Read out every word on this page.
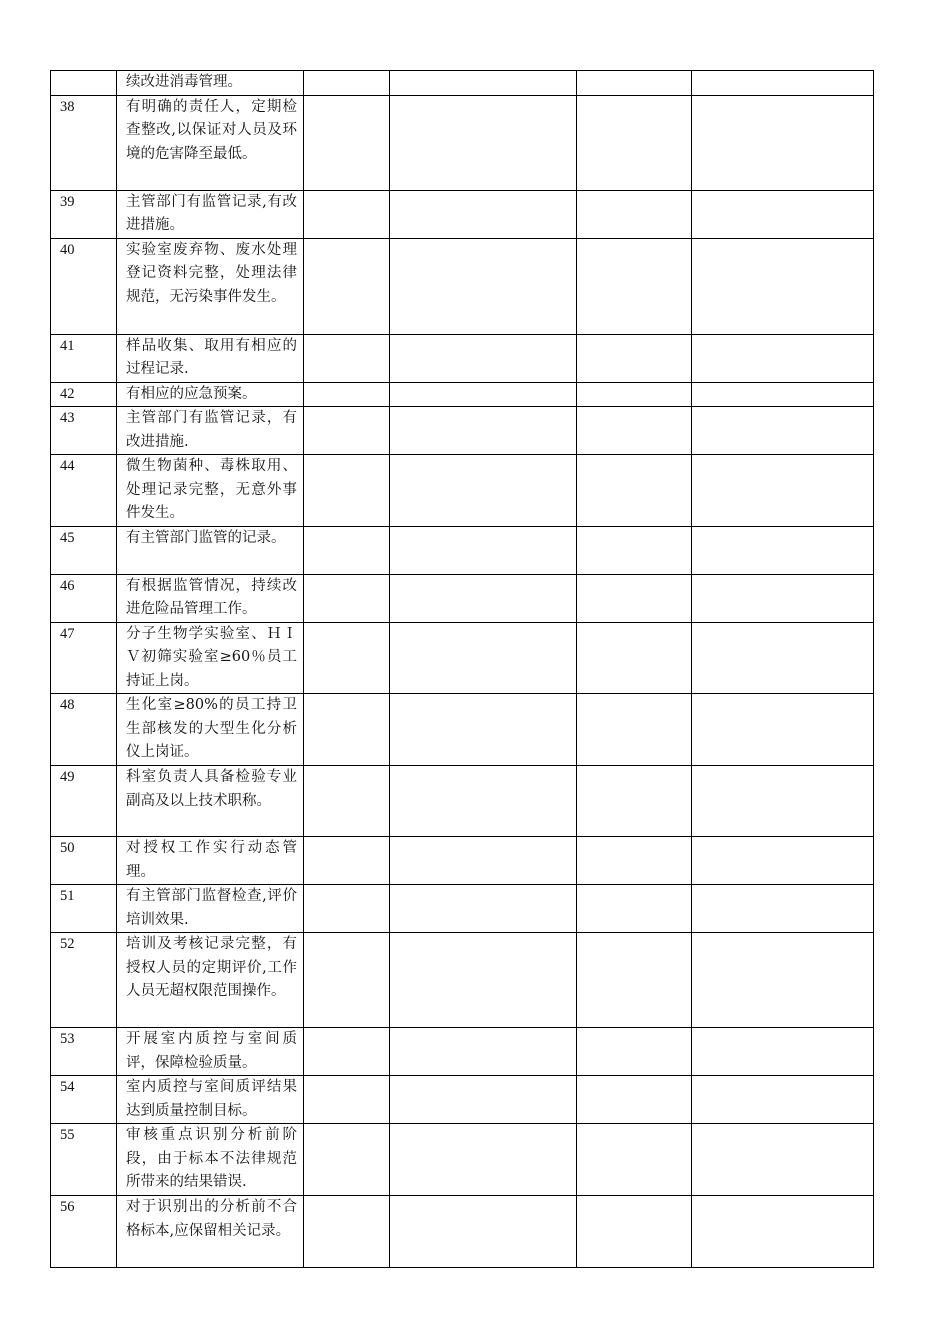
	续改进消毒管理。				
38	有明确的责任人，定期检查整改,以保证对人员及环境的危害降至最低。				
39	主管部门有监管记录,有改进措施。				
40	实验室废弃物、废水处理登记资料完整，处理法律规范，无污染事件发生。				
41	样品收集、取用有相应的过程记录.				
42	有相应的应急预案。				
43	主管部门有监管记录，有改进措施.				
44	微生物菌种、毒株取用、处理记录完整，无意外事件发生。				
45	有主管部门监管的记录。				
46	有根据监管情况，持续改进危险品管理工作。				
47	分子生物学实验室、ＨＩＶ初筛实验室≥60％员工持证上岗。				
48	生化室≥80%的员工持卫生部核发的大型生化分析仪上岗证。				
49	科室负责人具备检验专业副高及以上技术职称。				
50	对授权工作实行动态管理。				
51	有主管部门监督检查,评价培训效果.				
52	培训及考核记录完整，有授权人员的定期评价,工作人员无超权限范围操作。				
53	开展室内质控与室间质评，保障检验质量。				
54	室内质控与室间质评结果达到质量控制目标。				
55	审核重点识别分析前阶段，由于标本不法律规范所带来的结果错误.				
56	对于识别出的分析前不合格标本,应保留相关记录。				
